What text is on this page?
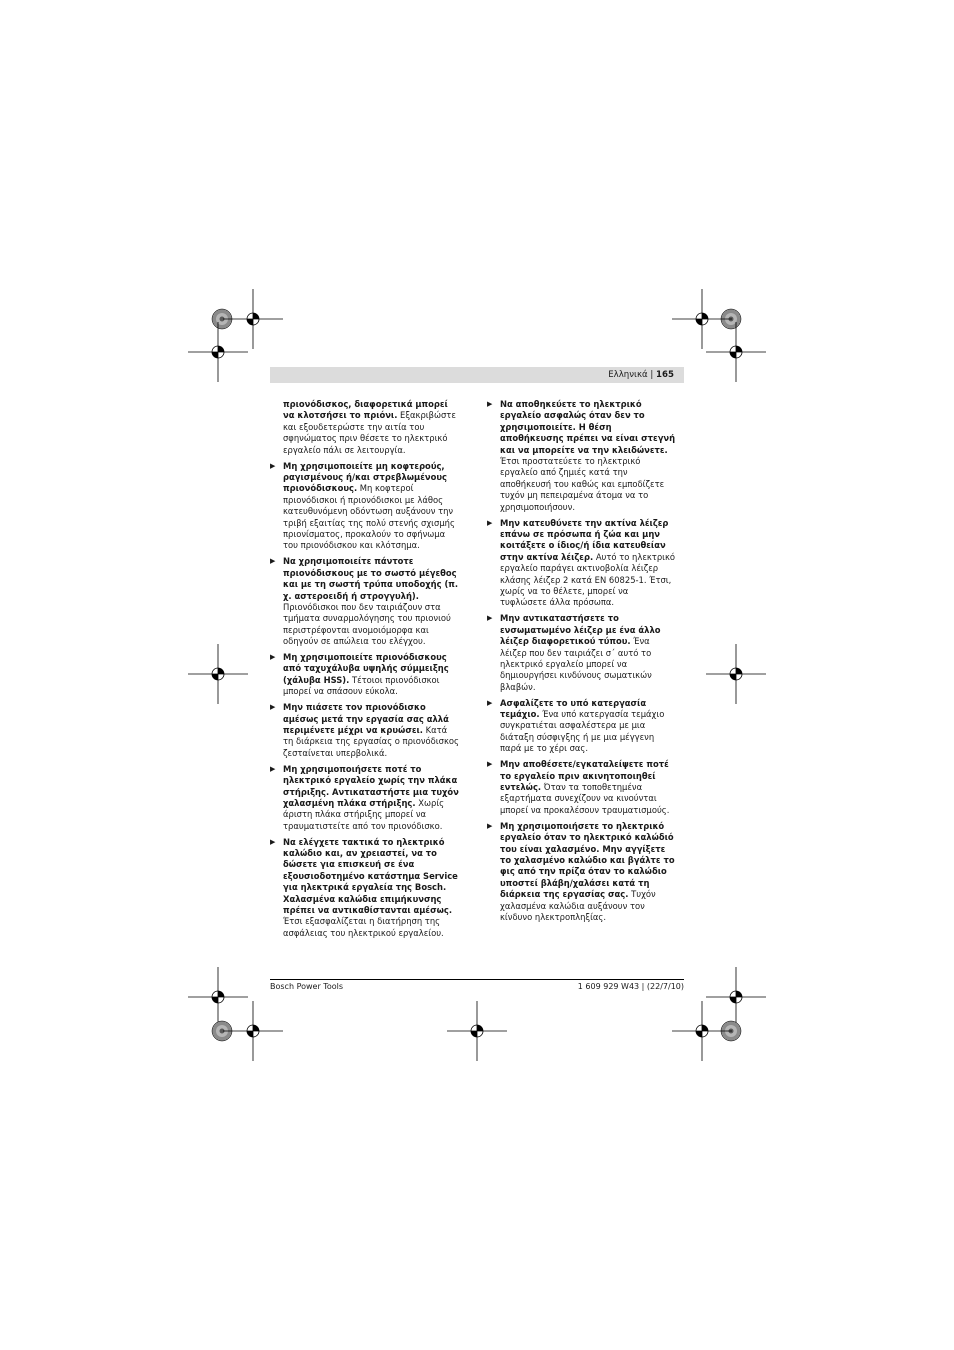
Ελληνικά | 165
πριονόδισκος, διαφορετικά μπορεί να κλοτσήσει το πριόνι. Εξακριβώστε και εξουδετερώστε την αιτία του σφηνώματος πριν θέσετε το ηλεκτρικό εργαλείο πάλι σε λειτουργία.
▶ Μη χρησιμοποιείτε μη κοφτερούς, ραγισμένους ή/και στρεβλωμένους πριονόδισκους. Μη κοφτεροί πριονόδισκοι ή πριονόδισκοι με λάθος κατευθυνόμενη οδόντωση αυξάνουν την τριβή εξαιτίας της πολύ στενής σχισμής πριονίσματος, προκαλούν το σφήνωμα του πριονόδισκου και κλότσημα.
▶ Να χρησιμοποιείτε πάντοτε πριονόδισκους με το σωστό μέγεθος και με τη σωστή τρύπα υποδοχής (π. χ. αστεροειδή ή στρογγυλή). Πριονόδισκοι που δεν ταιριάζουν στα τμήματα συναρμολόγησης του πριονιού περιστρέφονται ανομοιόμορφα και οδηγούν σε απώλεια του ελέγχου.
▶ Μη χρησιμοποιείτε πριονόδισκους από ταχυχάλυβα υψηλής σύμμειξης (χάλυβα HSS). Τέτοιοι πριονόδισκοι μπορεί να σπάσουν εύκολα.
▶ Μην πιάσετε τον πριονόδισκο αμέσως μετά την εργασία σας αλλά περιμένετε μέχρι να κρυώσει. Κατά τη διάρκεια της εργασίας ο πριονόδισκος ζεσταίνεται υπερβολικά.
▶ Μη χρησιμοποιήσετε ποτέ το ηλεκτρικό εργαλείο χωρίς την πλάκα στήριξης. Αντικαταστήστε μια τυχόν χαλασμένη πλάκα στήριξης. Χωρίς άριστη πλάκα στήριξης μπορεί να τραυματιστείτε από τον πριονόδισκο.
▶ Να ελέγχετε τακτικά το ηλεκτρικό καλώδιο και, αν χρειαστεί, να το δώσετε για επισκευή σε ένα εξουσιοδοτημένο κατάστημα Service για ηλεκτρικά εργαλεία της Bosch. Χαλασμένα καλώδια επιμήκυνσης πρέπει να αντικαθίστανται αμέσως. Έτσι εξασφαλίζεται η διατήρηση της ασφάλειας του ηλεκτρικού εργαλείου.
▶ Να αποθηκεύετε το ηλεκτρικό εργαλείο ασφαλώς όταν δεν το χρησιμοποιείτε. Η θέση αποθήκευσης πρέπει να είναι στεγνή και να μπορείτε να την κλειδώνετε. Έτσι προστατεύετε το ηλεκτρικό εργαλείο από ζημιές κατά την αποθήκευσή του καθώς και εμποδίζετε τυχόν μη πεπειραμένα άτομα να το χρησιμοποιήσουν.
▶ Μην κατευθύνετε την ακτίνα λέιζερ επάνω σε πρόσωπα ή ζώα και μην κοιτάξετε ο ίδιος/ή ίδια κατευθείαν στην ακτίνα λέιζερ. Αυτό το ηλεκτρικό εργαλείο παράγει ακτινοβολία λέιζερ κλάσης λέιζερ 2 κατά EN 60825-1. Έτσι, χωρίς να το θέλετε, μπορεί να τυφλώσετε άλλα πρόσωπα.
▶ Μην αντικαταστήσετε το ενσωματωμένο λέιζερ με ένα άλλο λέιζερ διαφορετικού τύπου. Ένα λέιζερ που δεν ταιριάζει σ΄ αυτό το ηλεκτρικό εργαλείο μπορεί να δημιουργήσει κινδύνους σωματικών βλαβών.
▶ Ασφαλίζετε το υπό κατεργασία τεμάχιο. Ένα υπό κατεργασία τεμάχιο συγκρατιέται ασφαλέστερα με μια διάταξη σύσφιγξης ή με μια μέγγενη παρά με το χέρι σας.
▶ Μην αποθέσετε/εγκαταλείψετε ποτέ το εργαλείο πριν ακινητοποιηθεί εντελώς. Όταν τα τοποθετημένα εξαρτήματα συνεχίζουν να κινούνται μπορεί να προκαλέσουν τραυματισμούς.
▶ Μη χρησιμοποιήσετε το ηλεκτρικό εργαλείο όταν το ηλεκτρικό καλώδιό του είναι χαλασμένο. Μην αγγίξετε το χαλασμένο καλώδιο και βγάλτε το φις από την πρίζα όταν το καλώδιο υποστεί βλάβη/χαλάσει κατά τη διάρκεια της εργασίας σας. Τυχόν χαλασμένα καλώδια αυξάνουν τον κίνδυνο ηλεκτροπληξίας.
Bosch Power Tools	1 609 929 W43 | (22/7/10)
